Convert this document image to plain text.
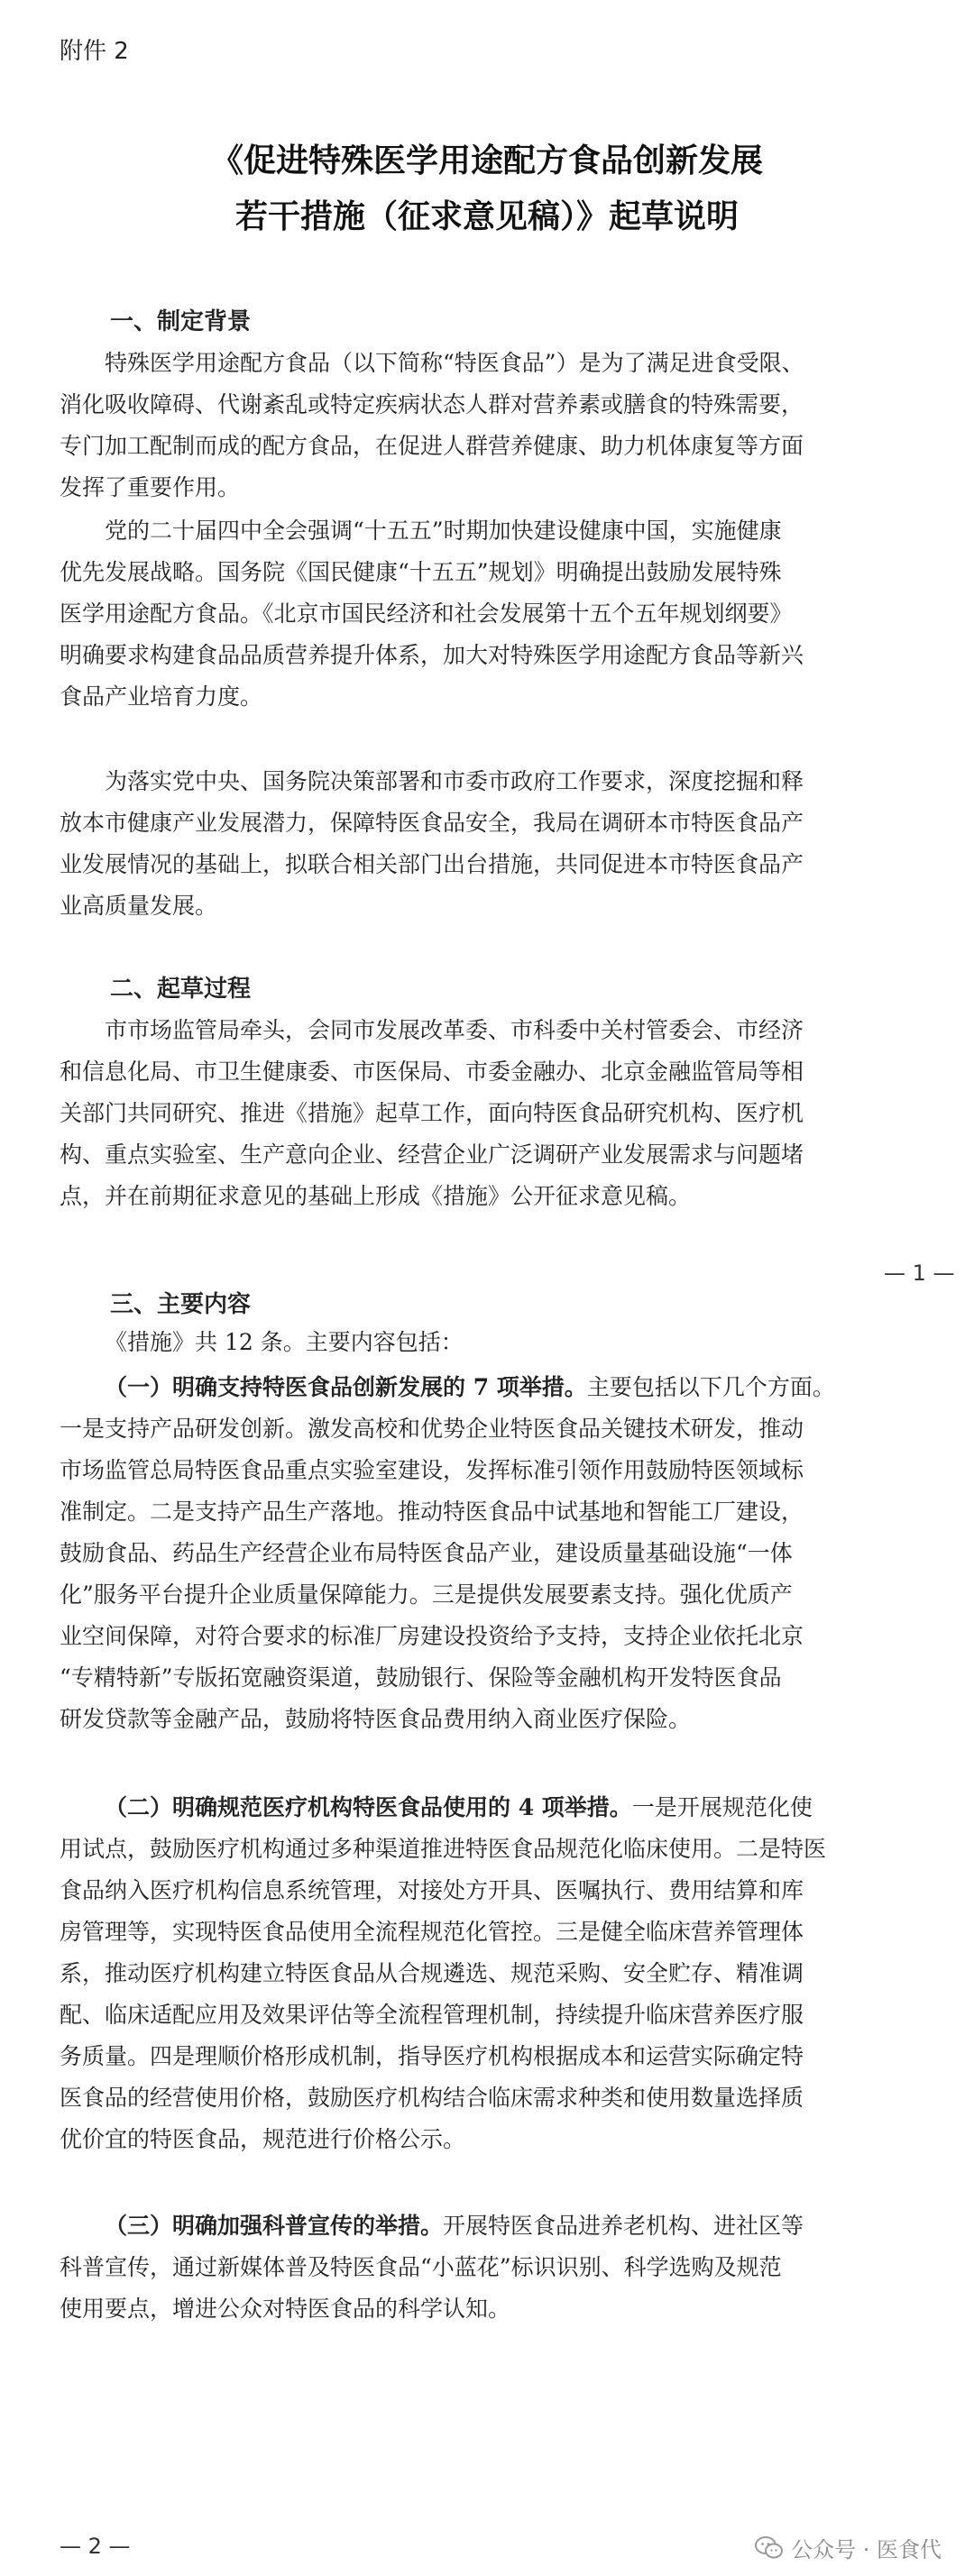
附件 2
《促进特殊医学用途配方食品创新发展
若干措施（征求意见稿）》起草说明
一、制定背景
特殊医学用途配方食品（以下简称“特医食品”）是为了满足进食受限、
消化吸收障碍、代谢紊乱或特定疾病状态人群对营养素或膳食的特殊需要，
专门加工配制而成的配方食品，在促进人群营养健康、助力机体康复等方面
发挥了重要作用。
党的二十届四中全会强调“十五五”时期加快建设健康中国，实施健康
优先发展战略。国务院《国民健康“十五五”规划》明确提出鼓励发展特殊
医学用途配方食品。《北京市国民经济和社会发展第十五个五年规划纲要》
明确要求构建食品品质营养提升体系，加大对特殊医学用途配方食品等新兴
食品产业培育力度。
为落实党中央、国务院决策部署和市委市政府工作要求，深度挖掘和释
放本市健康产业发展潜力，保障特医食品安全，我局在调研本市特医食品产
业发展情况的基础上，拟联合相关部门出台措施，共同促进本市特医食品产
业高质量发展。
二、起草过程
市市场监管局牵头，会同市发展改革委、市科委中关村管委会、市经济
和信息化局、市卫生健康委、市医保局、市委金融办、北京金融监管局等相
关部门共同研究、推进《措施》起草工作，面向特医食品研究机构、医疗机
构、重点实验室、生产意向企业、经营企业广泛调研产业发展需求与问题堵
点，并在前期征求意见的基础上形成《措施》公开征求意见稿。
— 1 —
三、主要内容
《措施》共 12 条。主要内容包括：
（一）明确支持特医食品创新发展的 7 项举措。主要包括以下几个方面。
一是支持产品研发创新。激发高校和优势企业特医食品关键技术研发，推动
市场监管总局特医食品重点实验室建设，发挥标准引领作用鼓励特医领域标
准制定。二是支持产品生产落地。推动特医食品中试基地和智能工厂建设，
鼓励食品、药品生产经营企业布局特医食品产业，建设质量基础设施“一体
化”服务平台提升企业质量保障能力。三是提供发展要素支持。强化优质产
业空间保障，对符合要求的标准厂房建设投资给予支持，支持企业依托北京
“专精特新”专版拓宽融资渠道，鼓励银行、保险等金融机构开发特医食品
研发贷款等金融产品，鼓励将特医食品费用纳入商业医疗保险。
（二）明确规范医疗机构特医食品使用的 4 项举措。一是开展规范化使
用试点，鼓励医疗机构通过多种渠道推进特医食品规范化临床使用。二是特医
食品纳入医疗机构信息系统管理，对接处方开具、医嘱执行、费用结算和库
房管理等，实现特医食品使用全流程规范化管控。三是健全临床营养管理体
系，推动医疗机构建立特医食品从合规遴选、规范采购、安全贮存、精准调
配、临床适配应用及效果评估等全流程管理机制，持续提升临床营养医疗服
务质量。四是理顺价格形成机制，指导医疗机构根据成本和运营实际确定特
医食品的经营使用价格，鼓励医疗机构结合临床需求种类和使用数量选择质
优价宜的特医食品，规范进行价格公示。
（三）明确加强科普宣传的举措。开展特医食品进养老机构、进社区等
科普宣传，通过新媒体普及特医食品“小蓝花”标识识别、科学选购及规范
使用要点，增进公众对特医食品的科学认知。
— 2 —	公众号 · 医食代
